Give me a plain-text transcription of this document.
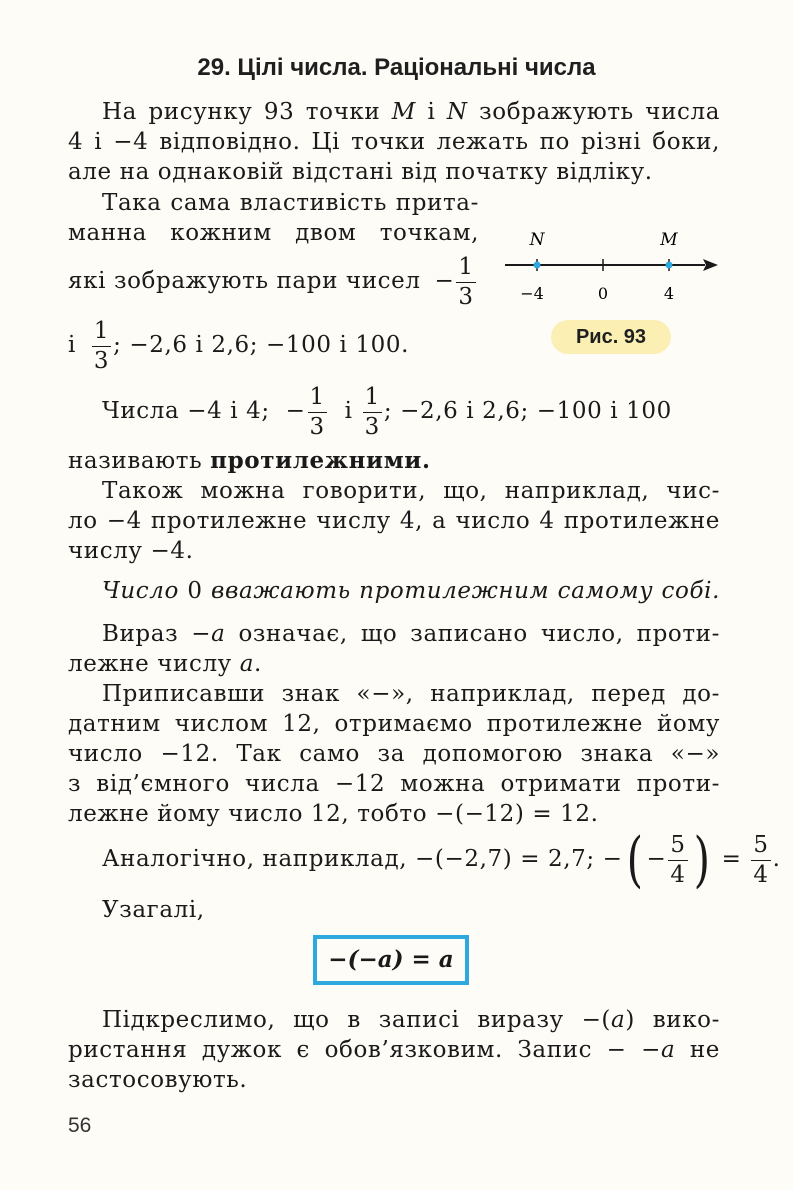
29. Цілі числа. Раціональні числа
На рисунку 93 точки M і N зображують числа
4 і −4 відповідно. Ці точки лежать по різні боки,
але на однаковій відстані від початку відліку.
Така сама властивість прита-
манна кожним двом точкам,
які зображують пари чисел − $\frac{1}{3}$
і $\frac{1}{3}$ ; −2,6 і 2,6; −100 і 100.
N	M
−4	0	4
Рис. 93
Числа −4 і 4; − $\frac{1}{3}$ і $\frac{1}{3}$ ; −2,6 і 2,6; −100 і 100
називають протилежними.
Також можна говорити, що, наприклад, чис-
ло −4 протилежне числу 4, а число 4 протилежне
числу −4.
Число 0 вважають протилежним самому собі.
Вираз −a означає, що записано число, проти-
лежне числу a.
Приписавши знак «−», наприклад, перед до-
датним числом 12, отримаємо протилежне йому
число −12. Так само за допомогою знака «−»
з від’ємного числа −12 можна отримати проти-
лежне йому число 12, тобто −(−12) = 12.
Аналогічно, наприклад, −(−2,7) = 2,7; −( − $\frac{5}{4}$ ) = $\frac{5}{4}$ .
Узагалі,
−(−a) = a
Підкреслимо, що в записі виразу −(a) вико-
ристання дужок є обов’язковим. Запис − −a не
застосовують.
56
